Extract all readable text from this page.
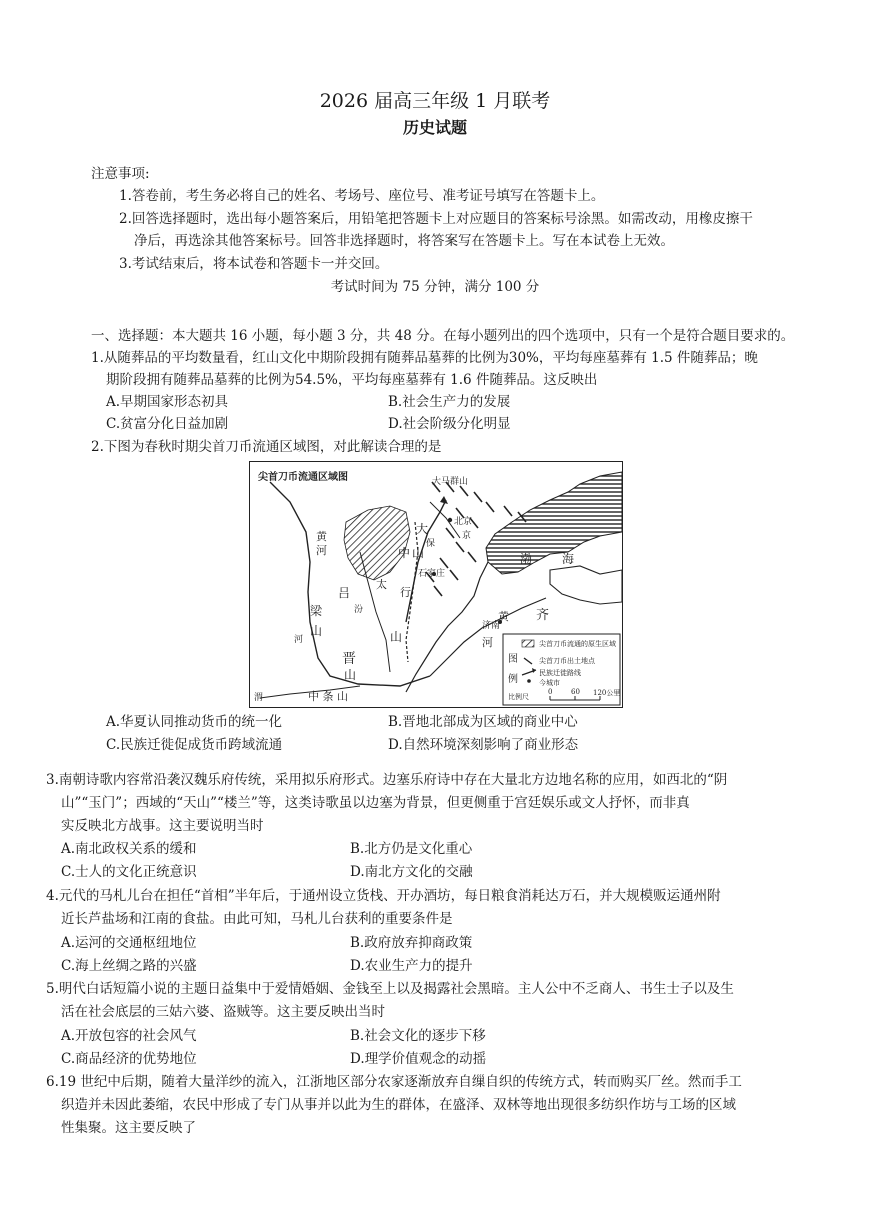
2026 届高三年级 1 月联考
历史试题
注意事项:
1.答卷前，考生务必将自己的姓名、考场号、座位号、准考证号填写在答题卡上。
2.回答选择题时，选出每小题答案后，用铅笔把答题卡上对应题目的答案标号涂黑。如需改动，用橡皮擦干
净后，再选涂其他答案标号。回答非选择题时，将答案写在答题卡上。写在本试卷上无效。
3.考试结束后，将本试卷和答题卡一并交回。
考试时间为 75 分钟，满分 100 分
一、选择题：本大题共 16 小题，每小题 3 分，共 48 分。在每小题列出的四个选项中，只有一个是符合题目要求的。
1.从随葬品的平均数量看，红山文化中期阶段拥有随葬品墓葬的比例为30%，平均每座墓葬有 1.5 件随葬品；晚
期阶段拥有随葬品墓葬的比例为54.5%，平均每座墓葬有 1.6 件随葬品。这反映出
A.早期国家形态初具	B.社会生产力的发展
C.贫富分化日益加剧	D.社会阶级分化明显
2.下图为春秋时期尖首刀币流通区域图，对此解读合理的是
尖首刀币流通区域图	大马群山
北京
京
大
保
中 山
石家庄
太
行
渤 海
齐
黄
济南
河
黄
河
吕
梁
山
汾
山
晋
山
中 条 山
河
渭
图
例
尖首刀币流通的原生区域
尖首刀币出土地点
民族迁徙路线
今城市
比例尺
0	60 120公里
A.华夏认同推动货币的统一化	B.晋地北部成为区域的商业中心
C.民族迁徙促成货币跨域流通	D.自然环境深刻影响了商业形态
3.南朝诗歌内容常沿袭汉魏乐府传统，采用拟乐府形式。边塞乐府诗中存在大量北方边地名称的应用，如西北的“阴
山”“玉门”；西域的“天山”“楼兰”等，这类诗歌虽以边塞为背景，但更侧重于宫廷娱乐或文人抒怀，而非真
实反映北方战事。这主要说明当时
A.南北政权关系的缓和	B.北方仍是文化重心
C.士人的文化正统意识	D.南北方文化的交融
4.元代的马札儿台在担任“首相”半年后，于通州设立货栈、开办酒坊，每日粮食消耗达万石，并大规模贩运通州附
近长芦盐场和江南的食盐。由此可知，马札儿台获利的重要条件是
A.运河的交通枢纽地位	B.政府放弃抑商政策
C.海上丝绸之路的兴盛	D.农业生产力的提升
5.明代白话短篇小说的主题日益集中于爱情婚姻、金钱至上以及揭露社会黑暗。主人公中不乏商人、书生士子以及生
活在社会底层的三姑六婆、盗贼等。这主要反映出当时
A.开放包容的社会风气	B.社会文化的逐步下移
C.商品经济的优势地位	D.理学价值观念的动摇
6.19 世纪中后期，随着大量洋纱的流入，江浙地区部分农家逐渐放弃自缫自织的传统方式，转而购买厂丝。然而手工
织造并未因此萎缩，农民中形成了专门从事并以此为生的群体，在盛泽、双林等地出现很多纺织作坊与工场的区域
性集聚。这主要反映了
